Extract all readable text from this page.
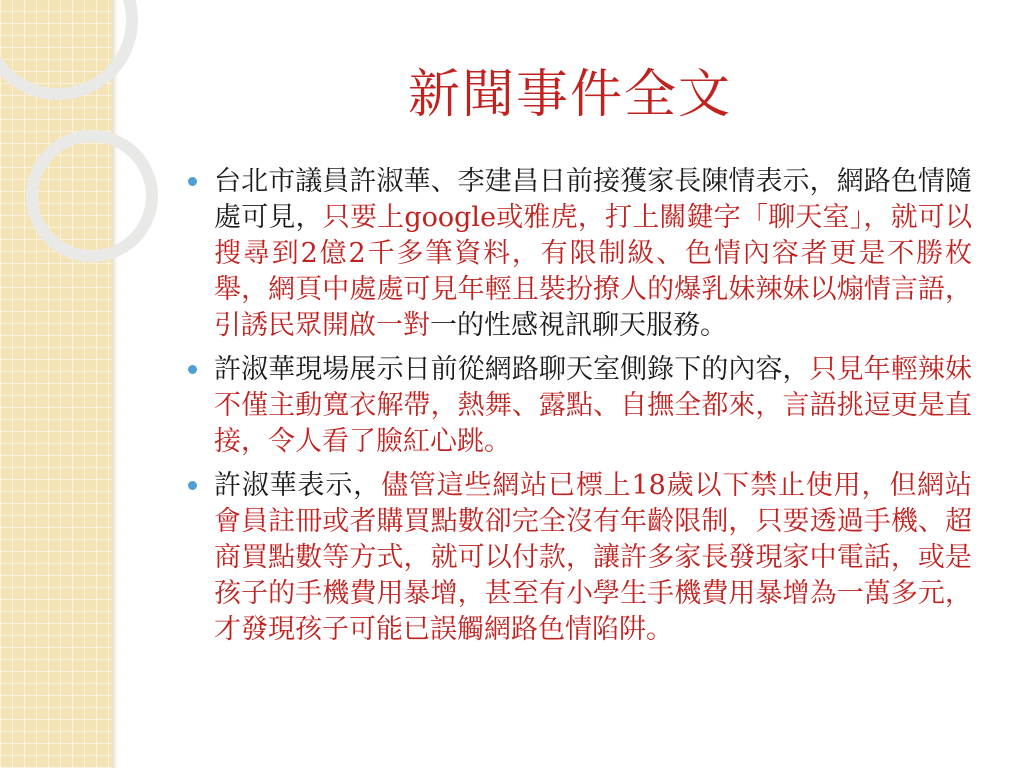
新聞事件全文
台北市議員許淑華、李建昌日前接獲家長陳情表示，網路色情隨處可見，只要上google或雅虎，打上關鍵字「聊天室」，就可以搜尋到2億2千多筆資料，有限制級、色情內容者更是不勝枚舉，網頁中處處可見年輕且裝扮撩人的爆乳妹辣妹以煽情言語，引誘民眾開啟一對一的性感視訊聊天服務。
許淑華現場展示日前從網路聊天室側錄下的內容，只見年輕辣妹不僅主動寬衣解帶，熱舞、露點、自撫全都來，言語挑逗更是直接，令人看了臉紅心跳。
許淑華表示，儘管這些網站已標上18歲以下禁止使用，但網站會員註冊或者購買點數卻完全沒有年齡限制，只要透過手機、超商買點數等方式，就可以付款，讓許多家長發現家中電話，或是孩子的手機費用暴增，甚至有小學生手機費用暴增為一萬多元，才發現孩子可能已誤觸網路色情陷阱。
